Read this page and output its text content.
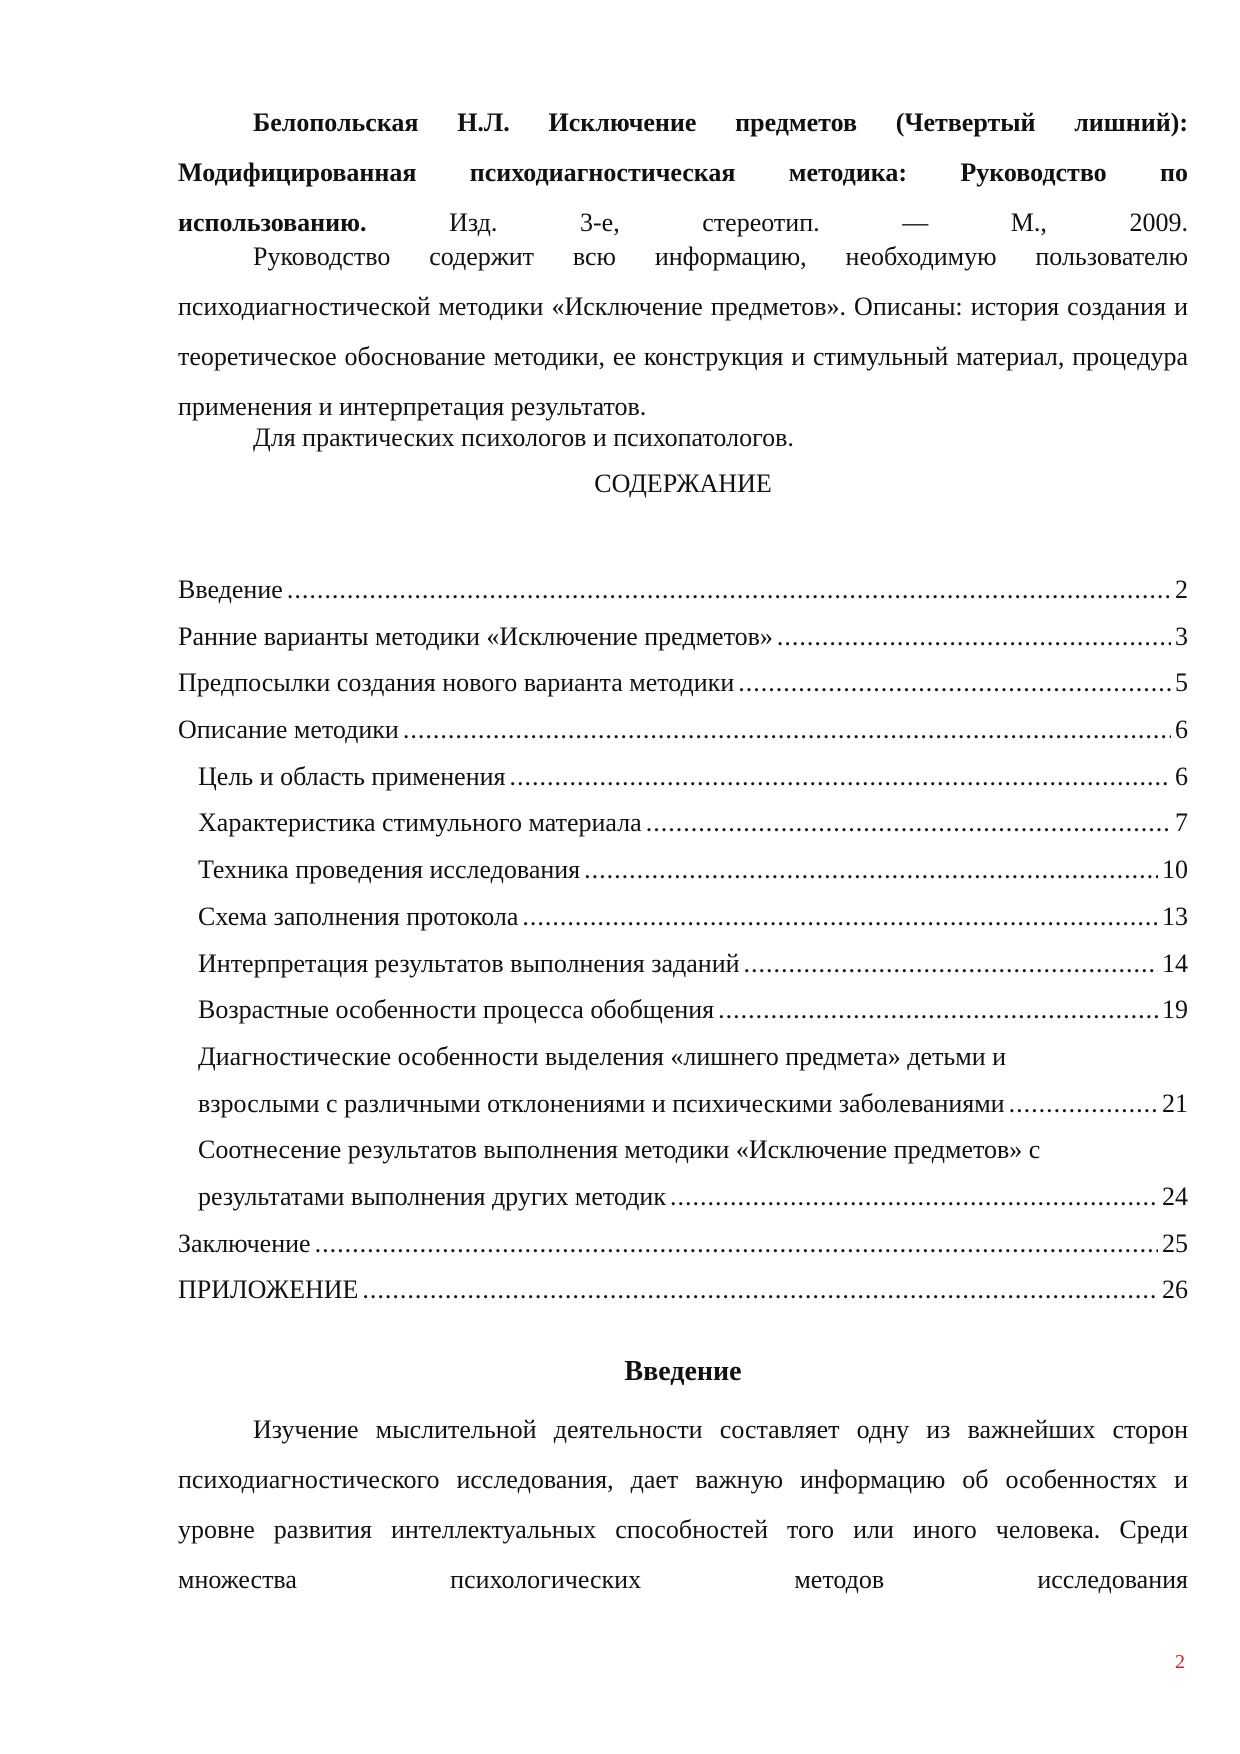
Белопольская Н.Л. Исключение предметов (Четвертый лишний): Модифицированная психодиагностическая методика: Руководство по использованию. Изд. 3-е, стереотип. — М., 2009.
Руководство содержит всю информацию, необходимую пользователю психодиагностической методики «Исключение предметов». Описаны: история создания и теоретическое обоснование методики, ее конструкция и стимульный материал, процедура применения и интерпретация результатов.
Для практических психологов и психопатологов.
СОДЕРЖАНИЕ
Введение .....	2
Ранние варианты методики «Исключение предметов» .....	3
Предпосылки создания нового варианта методики .....	5
Описание методики .....	6
Цель и область применения .....	6
Характеристика стимульного материала .....	7
Техника проведения исследования .....	10
Схема заполнения протокола .....	13
Интерпретация результатов выполнения заданий .....	14
Возрастные особенности процесса обобщения .....	19
Диагностические особенности выделения «лишнего предмета» детьми и
взрослыми с различными отклонениями и психическими заболеваниями .....	21
Соотнесение результатов выполнения методики «Исключение предметов» с
результатами выполнения других методик .....	24
Заключение .....	25
ПРИЛОЖЕНИЕ .....	26
Введение
Изучение мыслительной деятельности составляет одну из важнейших сторон психодиагностического исследования, дает важную информацию об особенностях и уровне развития интеллектуальных способностей того или иного человека. Среди множества психологических методов исследования
2
